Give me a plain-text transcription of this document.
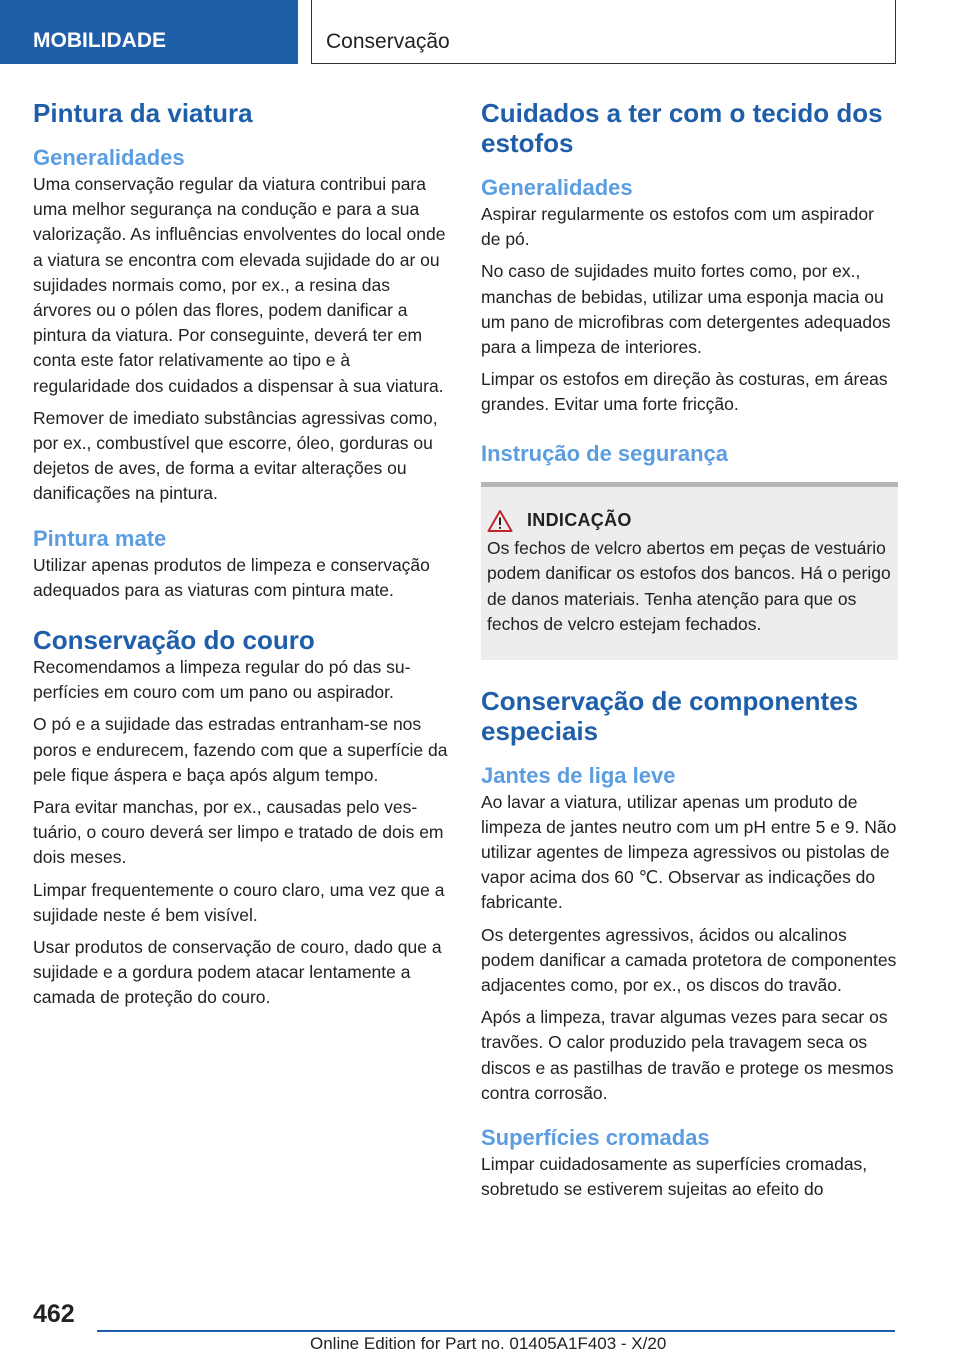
MOBILIDADE	Conservação
Pintura da viatura
Generalidades

Uma conservação regular da viatura contribui para uma melhor segurança na condução e para a sua valorização. As influências envolventes do local onde a viatura se encontra com elevada sujidade do ar ou sujidades normais como, por ex., a resina das árvores ou o pólen das flores, podem danificar a pintura da viatura. Por conseguinte, deverá ter em conta este fator relativamente ao tipo e à regularidade dos cuidados a dispensar à sua viatura.

Remover de imediato substâncias agressivas como, por ex., combustível que escorre, óleo, gorduras ou dejetos de aves, de forma a evitar alterações ou danificações na pintura.

Pintura mate

Utilizar apenas produtos de limpeza e conservação adequados para as viaturas com pintura mate.

Conservação do couro

Recomendamos a limpeza regular do pó das superfícies em couro com um pano ou aspirador.

O pó e a sujidade das estradas entranham-se nos poros e endurecem, fazendo com que a superfície da pele fique áspera e baça após algum tempo.

Para evitar manchas, por ex., causadas pelo vestuário, o couro deverá ser limpo e tratado de dois em dois meses.

Limpar frequentemente o couro claro, uma vez que a sujidade neste é bem visível.

Usar produtos de conservação de couro, dado que a sujidade e a gordura podem atacar lentamente a camada de proteção do couro.

Cuidados a ter com o tecido dos estofos
Generalidades

Aspirar regularmente os estofos com um aspirador de pó.

No caso de sujidades muito fortes como, por ex., manchas de bebidas, utilizar uma esponja macia ou um pano de microfibras com detergentes adequados para a limpeza de interiores.

Limpar os estofos em direção às costuras, em áreas grandes. Evitar uma forte fricção.

Instrução de segurança
INDICAÇÃO

Os fechos de velcro abertos em peças de vestuário podem danificar os estofos dos bancos. Há o perigo de danos materiais. Tenha atenção para que os fechos de velcro estejam fechados.

Conservação de componentes especiais
Jantes de liga leve

Ao lavar a viatura, utilizar apenas um produto de limpeza de jantes neutro com um pH entre 5 e 9. Não utilizar agentes de limpeza agressivos ou pistolas de vapor acima dos 60 ℃. Observar as indicações do fabricante.

Os detergentes agressivos, ácidos ou alcalinos podem danificar a camada protetora de componentes adjacentes como, por ex., os discos do travão.

Após a limpeza, travar algumas vezes para secar os travões. O calor produzido pela travagem seca os discos e as pastilhas de travão e protege os mesmos contra corrosão.

Superfícies cromadas

Limpar cuidadosamente as superfícies cromadas, sobretudo se estiverem sujeitas ao efeito do

462
Online Edition for Part no. 01405A1F403 - X/20
